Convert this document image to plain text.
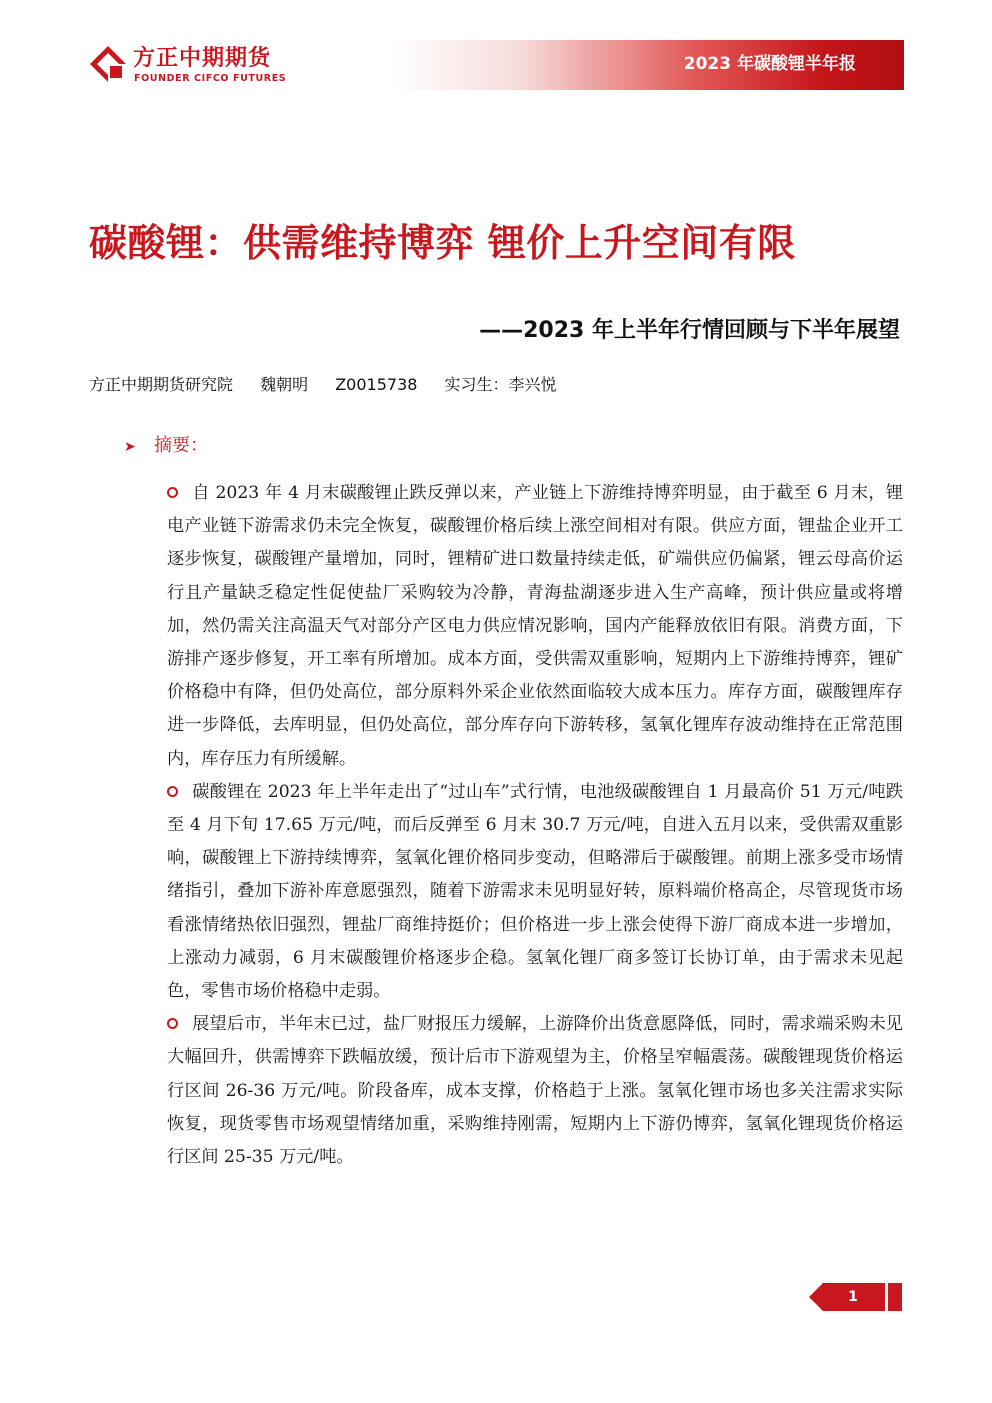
方正中期期货
FOUNDER CIFCO FUTURES
2023 年碳酸锂半年报
碳酸锂：供需维持博弈 锂价上升空间有限
——2023 年上半年行情回顾与下半年展望
方正中期期货研究院 魏朝明 Z0015738 实习生：李兴悦
➤ 摘要：

自 2023 年 4 月末碳酸锂止跌反弹以来，产业链上下游维持博弈明显，由于截至 6 月末，锂电产业链下游需求仍未完全恢复，碳酸锂价格后续上涨空间相对有限。供应方面，锂盐企业开工逐步恢复，碳酸锂产量增加，同时，锂精矿进口数量持续走低，矿端供应仍偏紧，锂云母高价运行且产量缺乏稳定性促使盐厂采购较为冷静，青海盐湖逐步进入生产高峰，预计供应量或将增加，然仍需关注高温天气对部分产区电力供应情况影响，国内产能释放依旧有限。消费方面，下游排产逐步修复，开工率有所增加。成本方面，受供需双重影响，短期内上下游维持博弈，锂矿价格稳中有降，但仍处高位，部分原料外采企业依然面临较大成本压力。库存方面，碳酸锂库存进一步降低，去库明显，但仍处高位，部分库存向下游转移，氢氧化锂库存波动维持在正常范围内，库存压力有所缓解。

碳酸锂在 2023 年上半年走出了“过山车”式行情，电池级碳酸锂自 1 月最高价 51 万元/吨跌至 4 月下旬 17.65 万元/吨，而后反弹至 6 月末 30.7 万元/吨，自进入五月以来，受供需双重影响，碳酸锂上下游持续博弈，氢氧化锂价格同步变动，但略滞后于碳酸锂。前期上涨多受市场情绪指引，叠加下游补库意愿强烈，随着下游需求未见明显好转，原料端价格高企，尽管现货市场看涨情绪热依旧强烈，锂盐厂商维持挺价；但价格进一步上涨会使得下游厂商成本进一步增加，上涨动力减弱，6 月末碳酸锂价格逐步企稳。氢氧化锂厂商多签订长协订单，由于需求未见起色，零售市场价格稳中走弱。

展望后市，半年末已过，盐厂财报压力缓解，上游降价出货意愿降低，同时，需求端采购未见大幅回升，供需博弈下跌幅放缓，预计后市下游观望为主，价格呈窄幅震荡。碳酸锂现货价格运行区间 26-36 万元/吨。阶段备库，成本支撑，价格趋于上涨。氢氧化锂市场也多关注需求实际恢复，现货零售市场观望情绪加重，采购维持刚需，短期内上下游仍博弈，氢氧化锂现货价格运行区间 25-35 万元/吨。

1
